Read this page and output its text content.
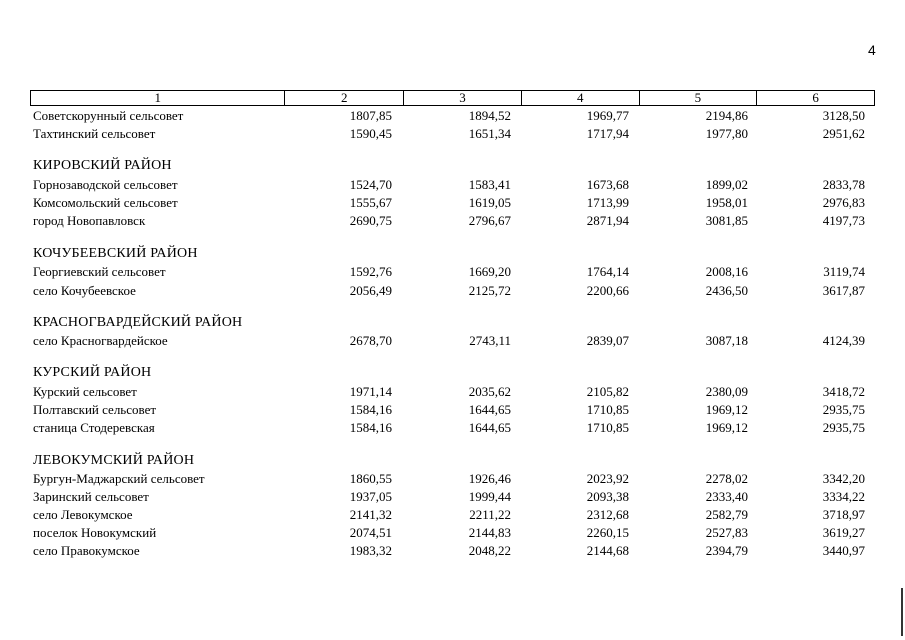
4
1	2	3	4	5	6
Советскорунный сельсовет	1807,85	1894,52	1969,77	2194,86	3128,50
Тахтинский сельсовет	1590,45	1651,34	1717,94	1977,80	2951,62
КИРОВСКИЙ РАЙОН
Горнозаводской сельсовет	1524,70	1583,41	1673,68	1899,02	2833,78
Комсомольский сельсовет	1555,67	1619,05	1713,99	1958,01	2976,83
город Новопавловск	2690,75	2796,67	2871,94	3081,85	4197,73
КОЧУБЕЕВСКИЙ РАЙОН
Георгиевский сельсовет	1592,76	1669,20	1764,14	2008,16	3119,74
село Кочубеевское	2056,49	2125,72	2200,66	2436,50	3617,87
КРАСНОГВАРДЕЙСКИЙ РАЙОН
село Красногвардейское	2678,70	2743,11	2839,07	3087,18	4124,39
КУРСКИЙ РАЙОН
Курский сельсовет	1971,14	2035,62	2105,82	2380,09	3418,72
Полтавский сельсовет	1584,16	1644,65	1710,85	1969,12	2935,75
станица Стодеревская	1584,16	1644,65	1710,85	1969,12	2935,75
ЛЕВОКУМСКИЙ РАЙОН
Бургун-Маджарский сельсовет	1860,55	1926,46	2023,92	2278,02	3342,20
Заринский сельсовет	1937,05	1999,44	2093,38	2333,40	3334,22
село Левокумское	2141,32	2211,22	2312,68	2582,79	3718,97
поселок Новокумский	2074,51	2144,83	2260,15	2527,83	3619,27
село Правокумское	1983,32	2048,22	2144,68	2394,79	3440,97
